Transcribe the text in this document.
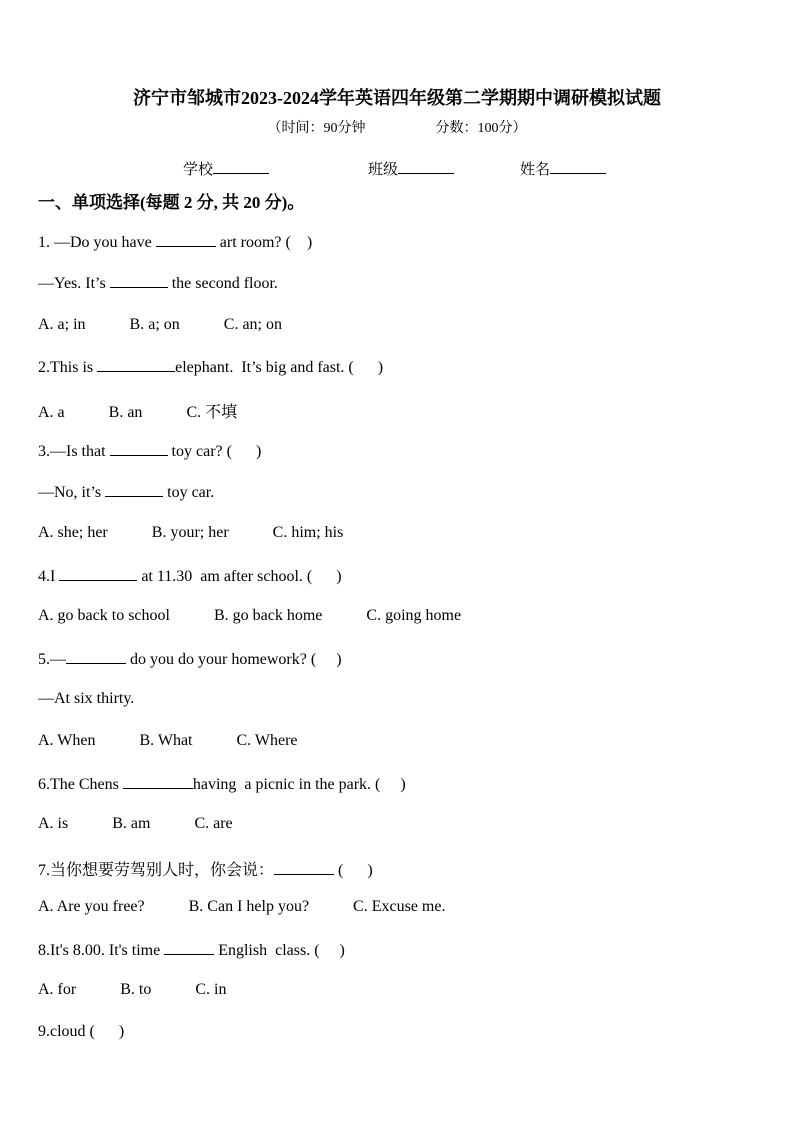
济宁市邹城市2023-2024学年英语四年级第二学期期中调研模拟试题
（时间：90分钟                    分数：100分）
学校	班级	姓名
一、单项选择(每题 2 分, 共 20 分)。
1. —Do you have	art room? (    )
—Yes. It’s	the second floor.
A. a; in	B. a; on	C. an; on
2.This is	elephant.  It’s big and fast. (      )
A. a	B. an	C. 不填
3.—Is that	toy car? (      )
—No, it’s	toy car.
A. she; her	B. your; her	C. him; his
4.I	at 11.30  am after school. (      )
A. go back to school	B. go back home	C. going home
5.—	do you do your homework? (     )
—At six thirty.
A. When	B. What	C. Where
6.The Chens	having  a picnic in the park. (     )
A. is	B. am	C. are
7.当你想要劳驾别人时，你会说：	(      )
A. Are you free?	B. Can I help you?	C. Excuse me.
8.It's 8.00. It's time	English  class. (     )
A. for	B. to	C. in
9.cloud (      )
